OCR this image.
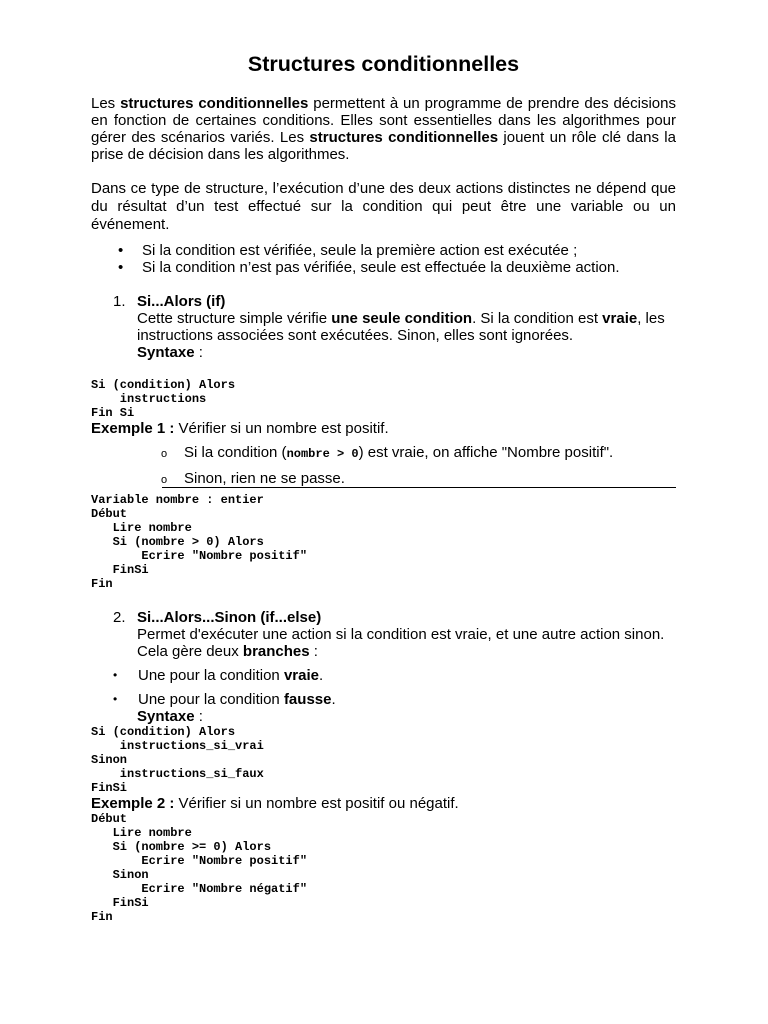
Structures conditionnelles

Les structures conditionnelles permettent à un programme de prendre des décisions en fonction de certaines conditions. Elles sont essentielles dans les algorithmes pour gérer des scénarios variés. Les structures conditionnelles jouent un rôle clé dans la prise de décision dans les algorithmes.

Dans ce type de structure, l’exécution d’une des deux actions distinctes ne dépend que du résultat d’un test effectué sur la condition qui peut être une variable ou un événement.

• Si la condition est vérifiée, seule la première action est exécutée ;
• Si la condition n’est pas vérifiée, seule est effectuée la deuxième action.
1. Si...Alors (if)
Cette structure simple vérifie une seule condition. Si la condition est vraie, les instructions associées sont exécutées. Sinon, elles sont ignorées.
Syntaxe :
Si (condition) Alors
instructions
Fin Si

Exemple 1 : Vérifier si un nombre est positif.

o Si la condition (nombre > 0) est vraie, on affiche "Nombre positif".
o Sinon, rien ne se passe.
Variable nombre : entier
Début
Lire nombre
Si (nombre > 0) Alors
Ecrire "Nombre positif"
FinSi
Fin
2. Si...Alors...Sinon (if...else)
Permet d'exécuter une action si la condition est vraie, et une autre action sinon. Cela gère deux branches :
• Une pour la condition vraie.
• Une pour la condition fausse.
Syntaxe :
Si (condition) Alors
instructions_si_vrai
Sinon
instructions_si_faux
FinSi

Exemple 2 : Vérifier si un nombre est positif ou négatif.

Début
Lire nombre
Si (nombre >= 0) Alors
Ecrire "Nombre positif"
Sinon
Ecrire "Nombre négatif"
FinSi
Fin
